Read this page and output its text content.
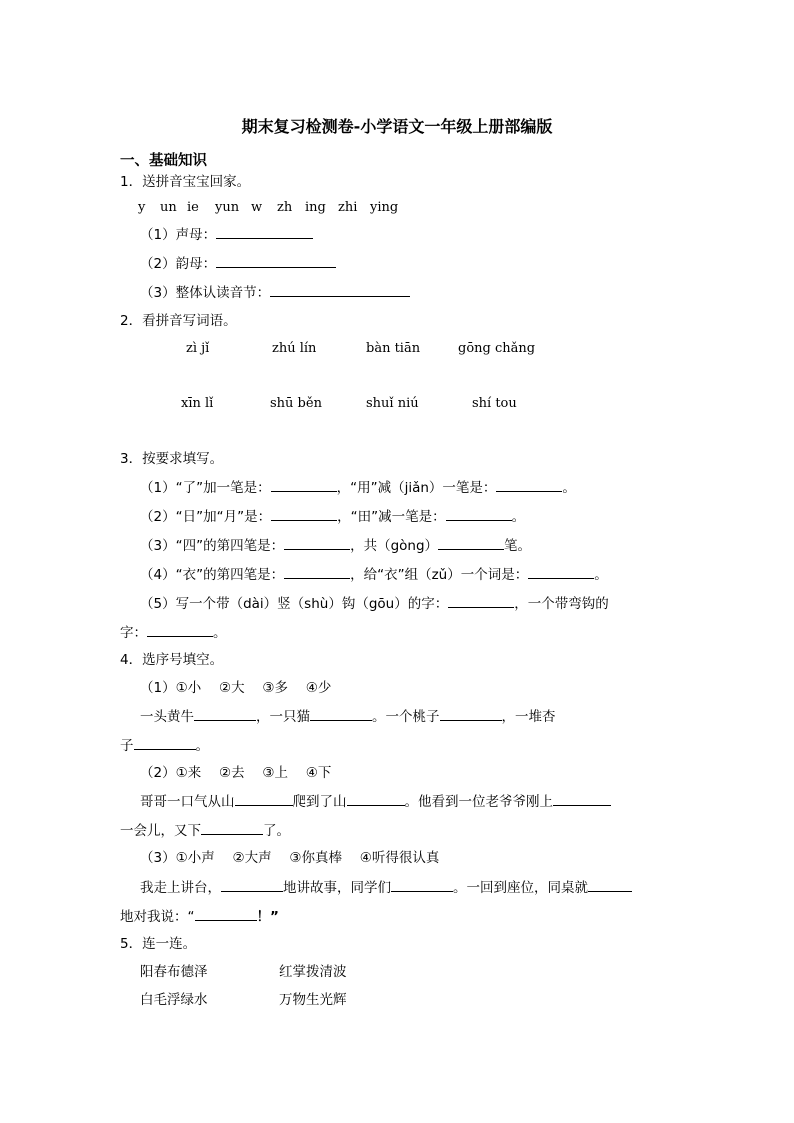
期末复习检测卷-小学语文一年级上册部编版
一、基础知识
1．送拼音宝宝回家。
y un ie yun w zh ing zhi ying
（1）声母：
（2）韵母：
（3）整体认读音节：
2．看拼音写词语。
zì jǐ	zhú lín	bàn tiān	gōng chǎng
xīn lǐ	shū běn	shuǐ niú	shí tou
3．按要求填写。
（1）“了”加一笔是：	，“用”减（jiǎn）一笔是：	。
（2）“日”加“月”是：	，“田”减一笔是：	。
（3）“四”的第四笔是：	，共（gòng）	笔。
（4）“衣”的第四笔是：	，给“衣”组（zǔ）一个词是：	。
（5）写一个带（dài）竖（shù）钩（gōu）的字：	，一个带弯钩的
字：	。
4．选序号填空。
（1）①小　 ②大　 ③多　 ④少
一头黄牛	，一只猫	。一个桃子	，一堆杏
子	。
（2）①来　 ②去　 ③上　 ④下
哥哥一口气从山	爬到了山	。他看到一位老爷爷刚上
一会儿，又下	了。
（3）①小声　 ②大声　 ③你真棒　 ④听得很认真
我走上讲台，	地讲故事，同学们	。一回到座位，同桌就
地对我说：“	！”
5．连一连。
阳春布德泽	红掌拨清波
白毛浮绿水	万物生光辉
